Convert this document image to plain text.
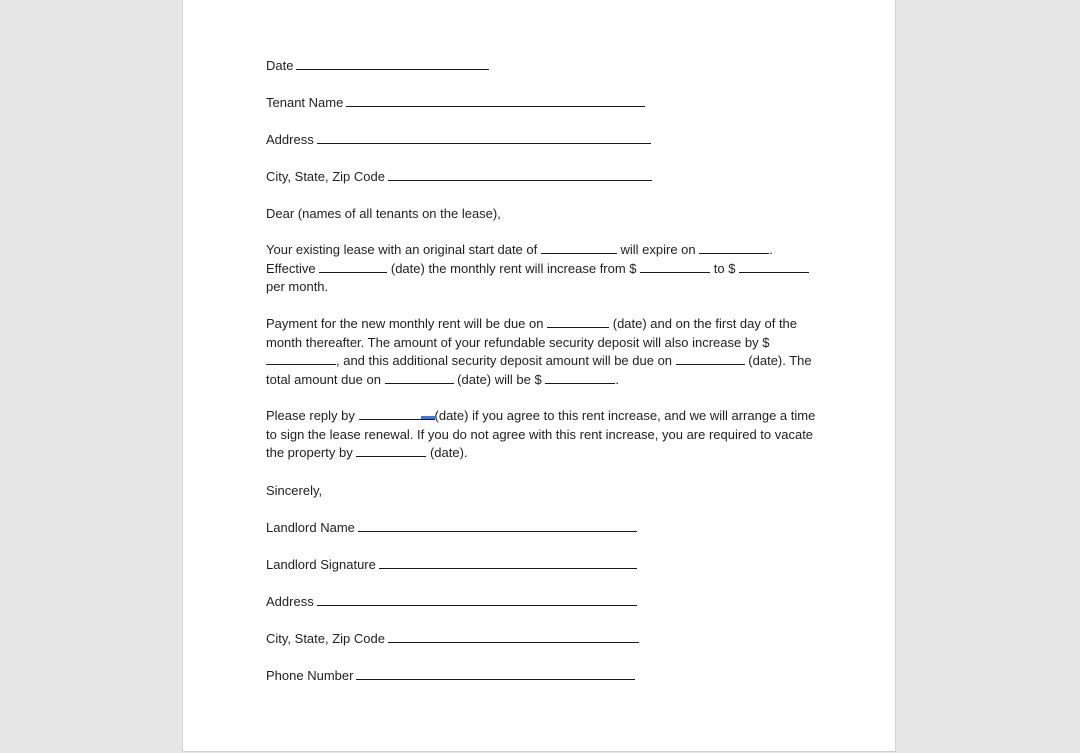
Date
Tenant Name
Address
City, State, Zip Code
Dear (names of all tenants on the lease),
Your existing lease with an original start date of	will expire on	.
Effective	(date) the monthly rent will increase from $	to $
per month.
Payment for the new monthly rent will be due on	(date) and on the first day of the
month thereafter. The amount of your refundable security deposit will also increase by $
, and this additional security deposit amount will be due on	(date). The
total amount due on	(date) will be $	.
Please reply by	(date) if you agree to this rent increase, and we will arrange a time
to sign the lease renewal. If you do not agree with this rent increase, you are required to vacate
the property by	(date).
Sincerely,
Landlord Name
Landlord Signature
Address
City, State, Zip Code
Phone Number
